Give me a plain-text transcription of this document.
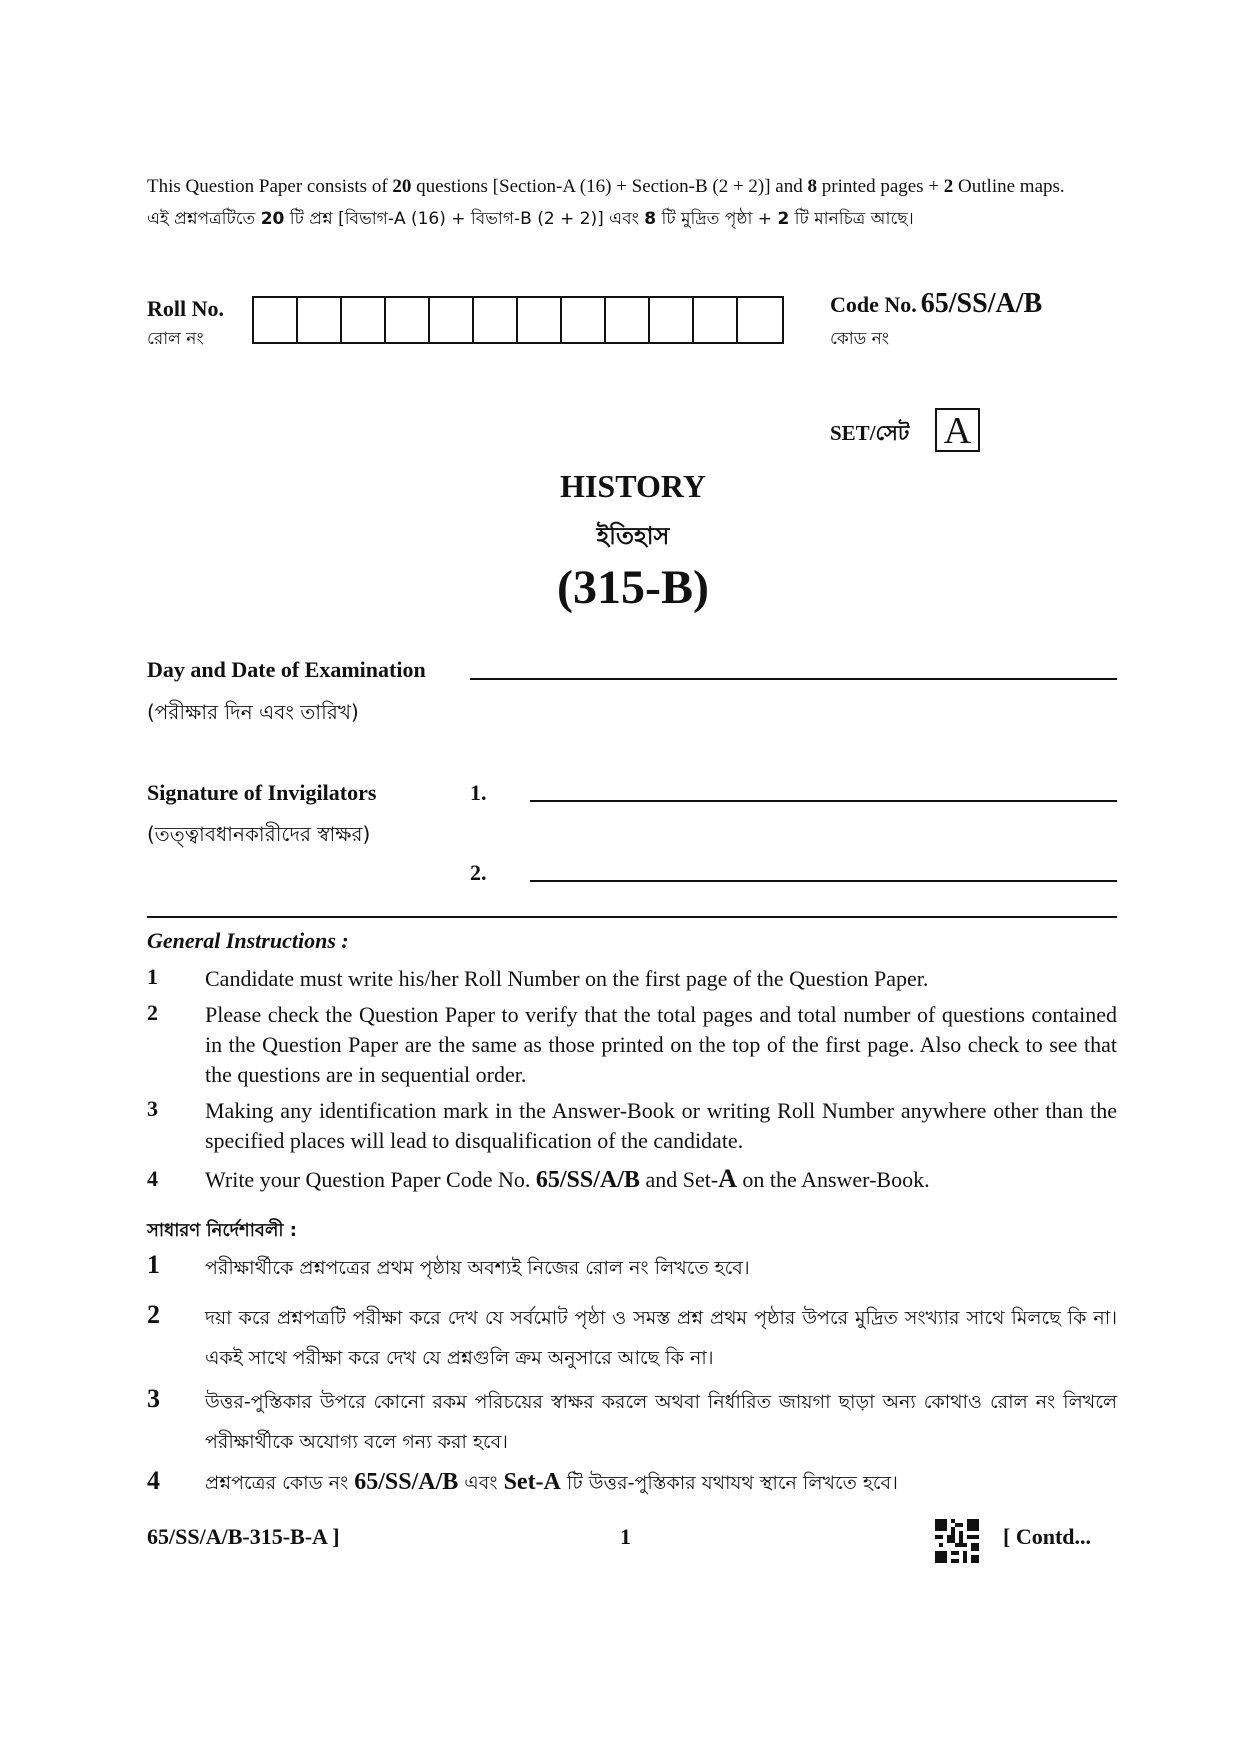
This Question Paper consists of 20 questions [Section-A (16) + Section-B (2 + 2)] and 8 printed pages + 2 Outline maps.
এই প্রশ্নপত্রটিতে 20 টি প্রশ্ন [বিভাগ-A (16) + বিভাগ-B (2 + 2)] এবং 8 টি মুদ্রিত পৃষ্ঠা + 2 টি মানচিত্র আছে।
Roll No.
রোল নং
Code No. 65/SS/A/B
কোড নং
SET/সেট A
HISTORY
ইতিহাস
(315-B)
Day and Date of Examination
(পরীক্ষার দিন এবং তারিখ)
Signature of Invigilators	1.
(তত্ত্বাবধানকারীদের স্বাক্ষর)
2.
General Instructions :
1 Candidate must write his/her Roll Number on the first page of the Question Paper.
2 Please check the Question Paper to verify that the total pages and total number of questions contained in the Question Paper are the same as those printed on the top of the first page. Also check to see that the questions are in sequential order.
3 Making any identification mark in the Answer-Book or writing Roll Number anywhere other than the specified places will lead to disqualification of the candidate.
4 Write your Question Paper Code No. 65/SS/A/B and Set-A on the Answer-Book.
সাধারণ নির্দেশাবলী :
1 পরীক্ষার্থীকে প্রশ্নপত্রের প্রথম পৃষ্ঠায় অবশ্যই নিজের রোল নং লিখতে হবে।
2 দয়া করে প্রশ্নপত্রটি পরীক্ষা করে দেখ যে সর্বমোট পৃষ্ঠা ও সমস্ত প্রশ্ন প্রথম পৃষ্ঠার উপরে মুদ্রিত সংখ্যার সাথে মিলছে কি না। একই সাথে পরীক্ষা করে দেখ যে প্রশ্নগুলি ক্রম অনুসারে আছে কি না।
3 উত্তর-পুস্তিকার উপরে কোনো রকম পরিচয়ের স্বাক্ষর করলে অথবা নির্ধারিত জায়গা ছাড়া অন্য কোথাও রোল নং লিখলে পরীক্ষার্থীকে অযোগ্য বলে গন্য করা হবে।
4 প্রশ্নপত্রের কোড নং 65/SS/A/B এবং Set-A টি উত্তর-পুস্তিকার যথাযথ স্থানে লিখতে হবে।
65/SS/A/B-315-B-A ]	1	[ Contd...
